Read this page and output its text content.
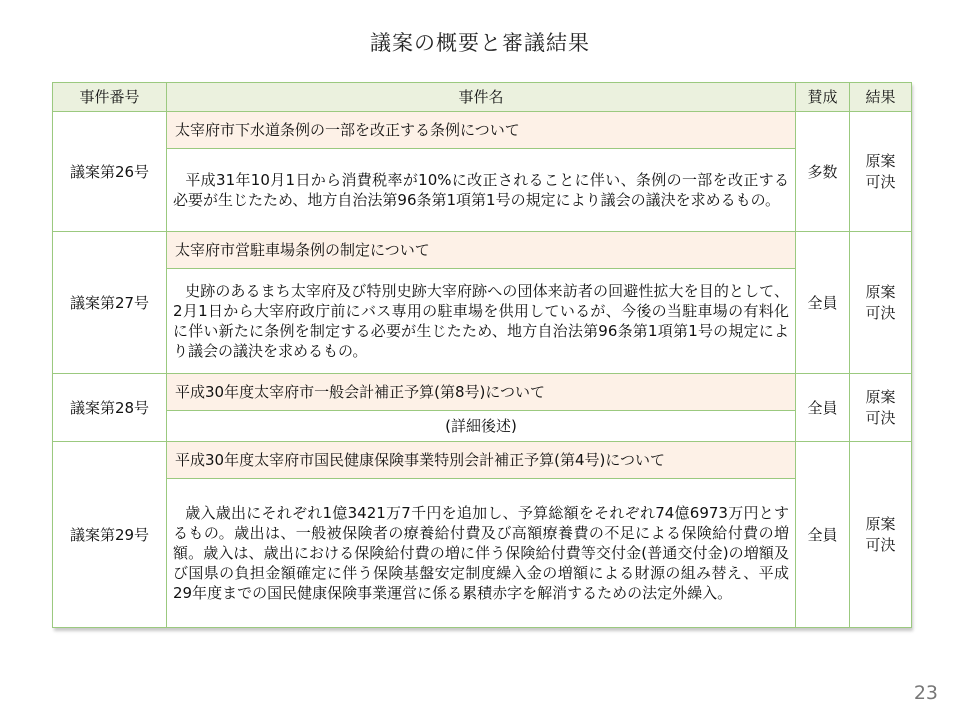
議案の概要と審議結果
事件番号	事件名	賛成	結果
議案第26号	太宰府市下水道条例の一部を改正する条例について	多数	原案可決
	平成31年10月1日から消費税率が10%に改正されることに伴い、条例の一部を改正する必要が生じたため、地方自治法第96条第1項第1号の規定により議会の議決を求めるもの。		
議案第27号	太宰府市営駐車場条例の制定について	全員	原案可決
	史跡のあるまち太宰府及び特別史跡大宰府跡への団体来訪者の回避性拡大を目的として、2月1日から大宰府政庁前にバス専用の駐車場を供用しているが、今後の当駐車場の有料化に伴い新たに条例を制定する必要が生じたため、地方自治法第96条第1項第1号の規定により議会の議決を求めるもの。		
議案第28号	平成30年度太宰府市一般会計補正予算(第8号)について	全員	原案可決
	(詳細後述)		
議案第29号	平成30年度太宰府市国民健康保険事業特別会計補正予算(第4号)について	全員	原案可決
	歳入歳出にそれぞれ1億3421万7千円を追加し、予算総額をそれぞれ74億6973万円とするもの。歳出は、一般被保険者の療養給付費及び高額療養費の不足による保険給付費の増額。歳入は、歳出における保険給付費の増に伴う保険給付費等交付金(普通交付金)の増額及び国県の負担金額確定に伴う保険基盤安定制度繰入金の増額による財源の組み替え、平成29年度までの国民健康保険事業運営に係る累積赤字を解消するための法定外繰入。		
23
